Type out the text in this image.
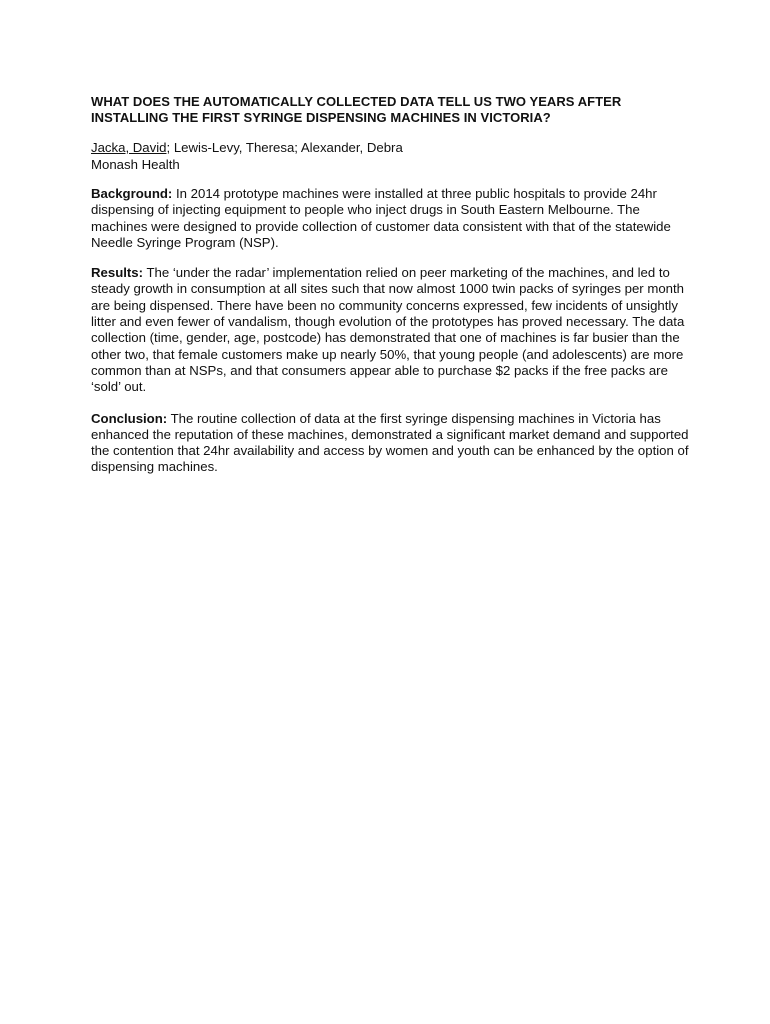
WHAT DOES THE AUTOMATICALLY COLLECTED DATA TELL US TWO YEARS AFTER INSTALLING THE FIRST SYRINGE DISPENSING MACHINES IN VICTORIA?

Jacka, David; Lewis-Levy, Theresa; Alexander, Debra

Monash Health

Background: In 2014 prototype machines were installed at three public hospitals to provide 24hr dispensing of injecting equipment to people who inject drugs in South Eastern Melbourne. The machines were designed to provide collection of customer data consistent with that of the statewide Needle Syringe Program (NSP).

Results: The ‘under the radar’ implementation relied on peer marketing of the machines, and led to steady growth in consumption at all sites such that now almost 1000 twin packs of syringes per month are being dispensed. There have been no community concerns expressed, few incidents of unsightly litter and even fewer of vandalism, though evolution of the prototypes has proved necessary. The data collection (time, gender, age, postcode) has demonstrated that one of machines is far busier than the other two, that female customers make up nearly 50%, that young people (and adolescents) are more common than at NSPs, and that consumers appear able to purchase $2 packs if the free packs are ‘sold’ out.

Conclusion: The routine collection of data at the first syringe dispensing machines in Victoria has enhanced the reputation of these machines, demonstrated a significant market demand and supported the contention that 24hr availability and access by women and youth can be enhanced by the option of dispensing machines.
